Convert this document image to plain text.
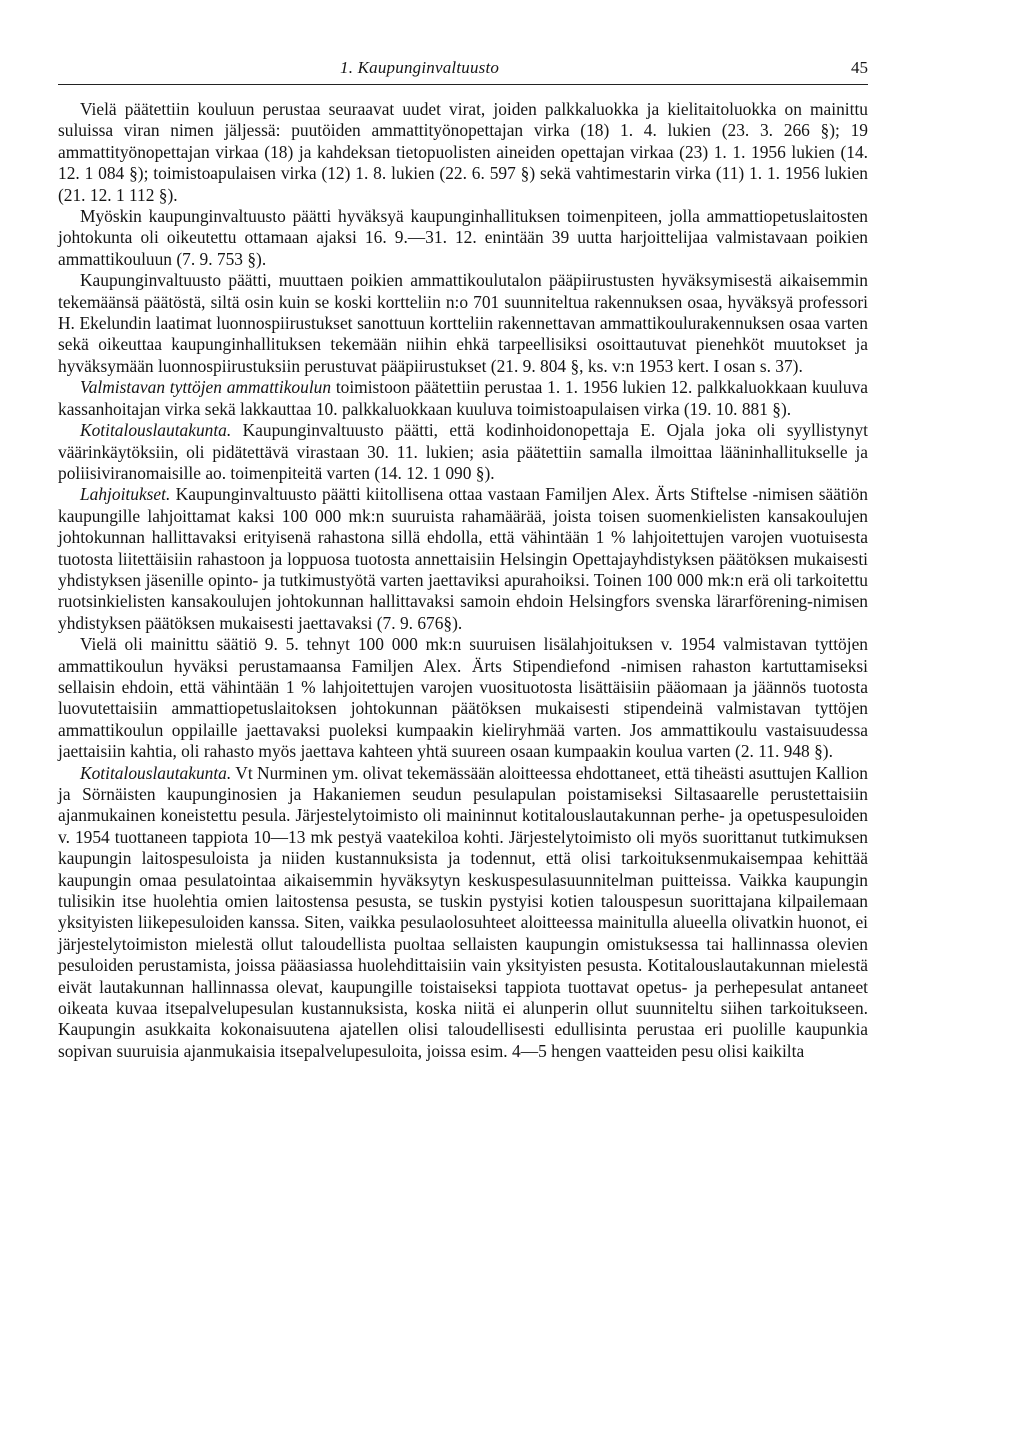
1. Kaupunginvaltuusto	45

Vielä päätettiin kouluun perustaa seuraavat uudet virat, joiden palkkaluokka ja kielitaitoluokka on mainittu suluissa viran nimen jäljessä: puutöiden ammattityönopettajan virka (18) 1. 4. lukien (23. 3. 266 §); 19 ammattityönopettajan virkaa (18) ja kahdeksan tietopuolisten aineiden opettajan virkaa (23) 1. 1. 1956 lukien (14. 12. 1 084 §); toimistoapulaisen virka (12) 1. 8. lukien (22. 6. 597 §) sekä vahtimestarin virka (11) 1. 1. 1956 lukien (21. 12. 1 112 §).

Myöskin kaupunginvaltuusto päätti hyväksyä kaupunginhallituksen toimenpiteen, jolla ammattiopetuslaitosten johtokunta oli oikeutettu ottamaan ajaksi 16. 9.—31. 12. enintään 39 uutta harjoittelijaa valmistavaan poikien ammattikouluun (7. 9. 753 §).

Kaupunginvaltuusto päätti, muuttaen poikien ammattikoulutalon pääpiirustusten hyväksymisestä aikaisemmin tekemäänsä päätöstä, siltä osin kuin se koski kortteliin n:o 701 suunniteltua rakennuksen osaa, hyväksyä professori H. Ekelundin laatimat luonnospiirustukset sanottuun kortteliin rakennettavan ammattikoulurakennuksen osaa varten sekä oikeuttaa kaupunginhallituksen tekemään niihin ehkä tarpeellisiksi osoittautuvat pienehköt muutokset ja hyväksymään luonnospiirustuksiin perustuvat pääpiirustukset (21. 9. 804 §, ks. v:n 1953 kert. I osan s. 37).

Valmistavan tyttöjen ammattikoulun toimistoon päätettiin perustaa 1. 1. 1956 lukien 12. palkkaluokkaan kuuluva kassanhoitajan virka sekä lakkauttaa 10. palkkaluokkaan kuuluva toimistoapulaisen virka (19. 10. 881 §).

Kotitalouslautakunta. Kaupunginvaltuusto päätti, että kodinhoidonopettaja E. Ojala joka oli syyllistynyt väärinkäytöksiin, oli pidätettävä virastaan 30. 11. lukien; asia päätettiin samalla ilmoittaa lääninhallitukselle ja poliisiviranomaisille ao. toimenpiteitä varten (14. 12. 1 090 §).

Lahjoitukset. Kaupunginvaltuusto päätti kiitollisena ottaa vastaan Familjen Alex. Ärts Stiftelse -nimisen säätiön kaupungille lahjoittamat kaksi 100 000 mk:n suuruista rahamäärää, joista toisen suomenkielisten kansakoulujen johtokunnan hallittavaksi erityisenä rahastona sillä ehdolla, että vähintään 1 % lahjoitettujen varojen vuotuisesta tuotosta liitettäisiin rahastoon ja loppuosa tuotosta annettaisiin Helsingin Opettajayhdistyksen päätöksen mukaisesti yhdistyksen jäsenille opinto- ja tutkimustyötä varten jaettaviksi apurahoiksi. Toinen 100 000 mk:n erä oli tarkoitettu ruotsinkielisten kansakoulujen johtokunnan hallittavaksi samoin ehdoin Helsingfors svenska lärarförening-nimisen yhdistyksen päätöksen mukaisesti jaettavaksi (7. 9. 676§).

Vielä oli mainittu säätiö 9. 5. tehnyt 100 000 mk:n suuruisen lisälahjoituksen v. 1954 valmistavan tyttöjen ammattikoulun hyväksi perustamaansa Familjen Alex. Ärts Stipendiefond -nimisen rahaston kartuttamiseksi sellaisin ehdoin, että vähintään 1 % lahjoitettujen varojen vuosituotosta lisättäisiin pääomaan ja jäännös tuotosta luovutettaisiin ammattiopetuslaitoksen johtokunnan päätöksen mukaisesti stipendeinä valmistavan tyttöjen ammattikoulun oppilaille jaettavaksi puoleksi kumpaakin kieliryhmää varten. Jos ammattikoulu vastaisuudessa jaettaisiin kahtia, oli rahasto myös jaettava kahteen yhtä suureen osaan kumpaakin koulua varten (2. 11. 948 §).

Kotitalouslautakunta. Vt Nurminen ym. olivat tekemässään aloitteessa ehdottaneet, että tiheästi asuttujen Kallion ja Sörnäisten kaupunginosien ja Hakaniemen seudun pesulapulan poistamiseksi Siltasaarelle perustettaisiin ajanmukainen koneistettu pesula. Järjestelytoimisto oli maininnut kotitalouslautakunnan perhe- ja opetuspesuloiden v. 1954 tuottaneen tappiota 10—13 mk pestyä vaatekiloa kohti. Järjestelytoimisto oli myös suorittanut tutkimuksen kaupungin laitospesuloista ja niiden kustannuksista ja todennut, että olisi tarkoituksenmukaisempaa kehittää kaupungin omaa pesulatointaa aikaisemmin hyväksytyn keskuspesulasuunnitelman puitteissa. Vaikka kaupungin tulisikin itse huolehtia omien laitostensa pesusta, se tuskin pystyisi kotien talouspesun suorittajana kilpailemaan yksityisten liikepesuloiden kanssa. Siten, vaikka pesulaolosuhteet aloitteessa mainitulla alueella olivatkin huonot, ei järjestelytoimiston mielestä ollut taloudellista puoltaa sellaisten kaupungin omistuksessa tai hallinnassa olevien pesuloiden perustamista, joissa pääasiassa huolehdittaisiin vain yksityisten pesusta. Kotitalouslautakunnan mielestä eivät lautakunnan hallinnassa olevat, kaupungille toistaiseksi tappiota tuottavat opetus- ja perhepesulat antaneet oikeata kuvaa itsepalvelupesulan kustannuksista, koska niitä ei alunperin ollut suunniteltu siihen tarkoitukseen. Kaupungin asukkaita kokonaisuutena ajatellen olisi taloudellisesti edullisinta perustaa eri puolille kaupunkia sopivan suuruisia ajanmukaisia itsepalvelupesuloita, joissa esim. 4—5 hengen vaatteiden pesu olisi kaikilta
